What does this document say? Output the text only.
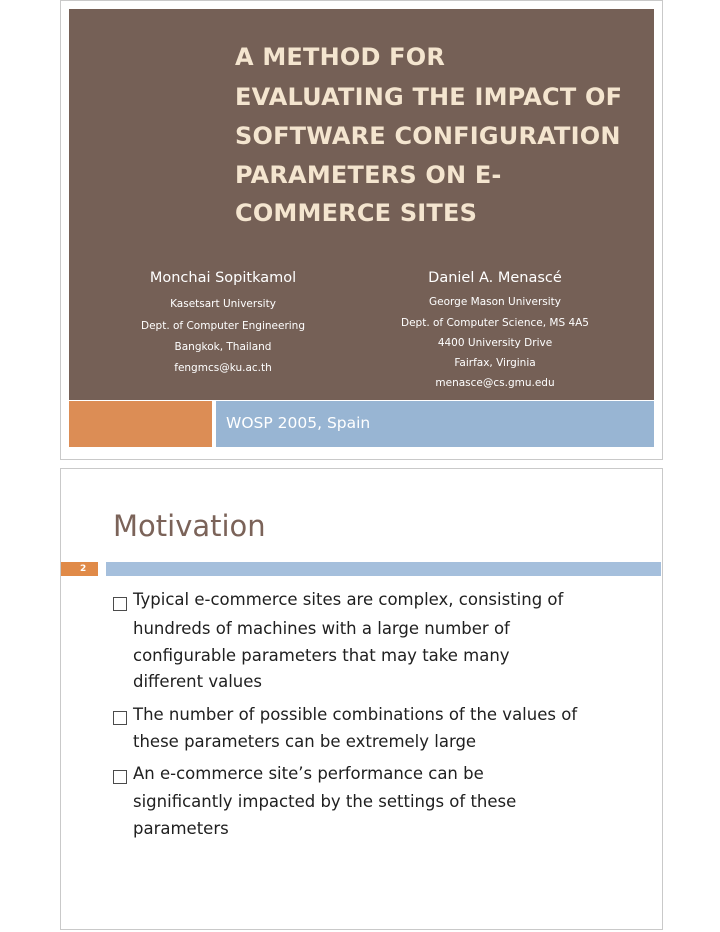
A METHOD FOR
EVALUATING THE IMPACT OF
SOFTWARE CONFIGURATION
PARAMETERS ON E-
COMMERCE SITES
Monchai Sopitkamol
Kasetsart University
Dept. of Computer Engineering
Bangkok, Thailand
fengmcs@ku.ac.th
Daniel A. Menascé
George Mason University
Dept. of Computer Science, MS 4A5
4400 University Drive
Fairfax, Virginia
menasce@cs.gmu.edu
WOSP 2005, Spain
Motivation
2
Typical e-commerce sites are complex, consisting of
hundreds of machines with a large number of
configurable parameters that may take many
different values
The number of possible combinations of the values of
these parameters can be extremely large
An e-commerce site’s performance can be
significantly impacted by the settings of these
parameters
